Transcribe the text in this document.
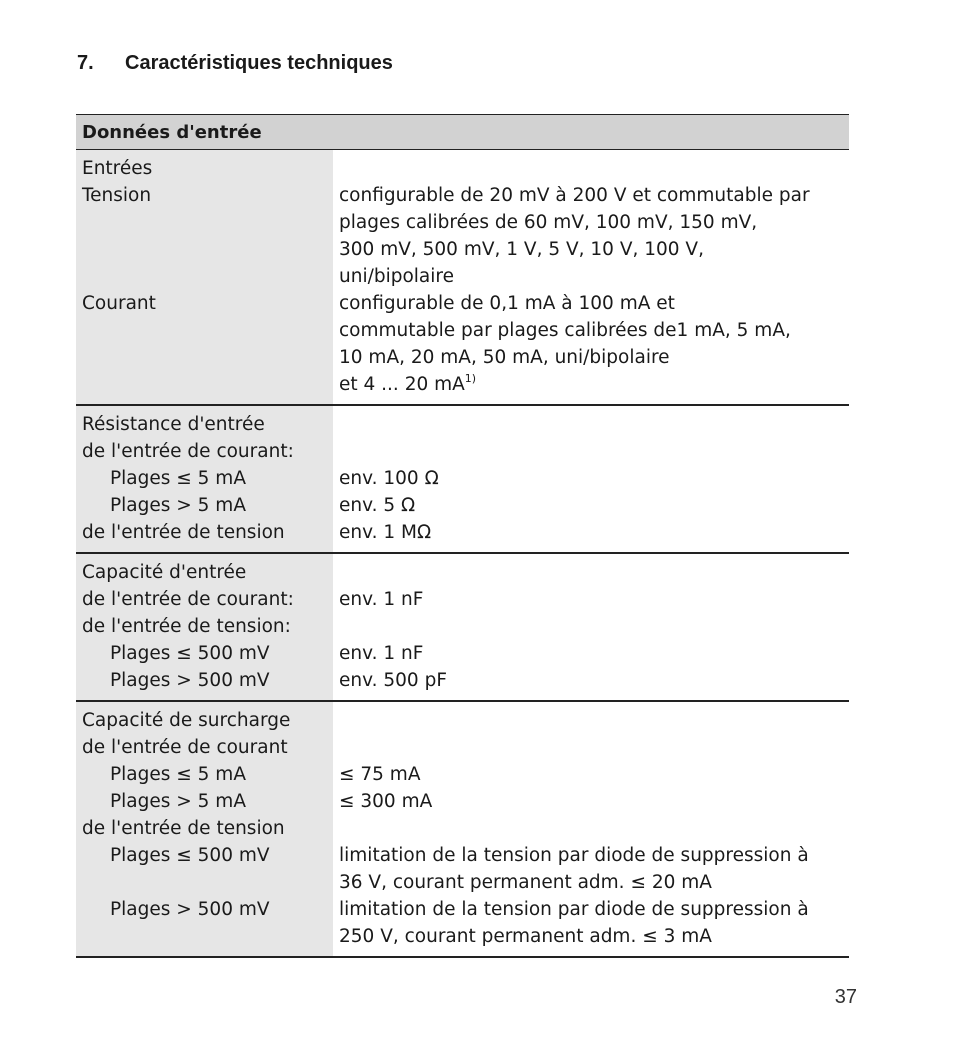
7. Caractéristiques techniques
Données d'entrée
Entrées
Tension
Courant
configurable de 20 mV à 200 V et commutable par
plages calibrées de 60 mV, 100 mV, 150 mV,
300 mV, 500 mV, 1 V, 5 V, 10 V, 100 V,
uni/bipolaire
configurable de 0,1 mA à 100 mA et
commutable par plages calibrées de1 mA, 5 mA,
10 mA, 20 mA, 50 mA, uni/bipolaire
et 4 ... 20 $mA^{1)}$
Résistance d'entrée
de l'entrée de courant:
Plages ≤ 5 mA
Plages > 5 mA
de l'entrée de tension
env. 100 Ω
env. 5 Ω
env. 1 MΩ
Capacité d'entrée
de l'entrée de courant:
de l'entrée de tension:
Plages ≤ 500 mV
Plages > 500 mV
env. 1 nF
env. 1 nF
env. 500 pF
Capacité de surcharge
de l'entrée de courant
Plages ≤ 5 mA
Plages > 5 mA
de l'entrée de tension
Plages ≤ 500 mV
Plages > 500 mV
≤ 75 mA
≤ 300 mA
limitation de la tension par diode de suppression à
36 V, courant permanent adm. ≤ 20 mA
limitation de la tension par diode de suppression à
250 V, courant permanent adm. ≤ 3 mA
37
